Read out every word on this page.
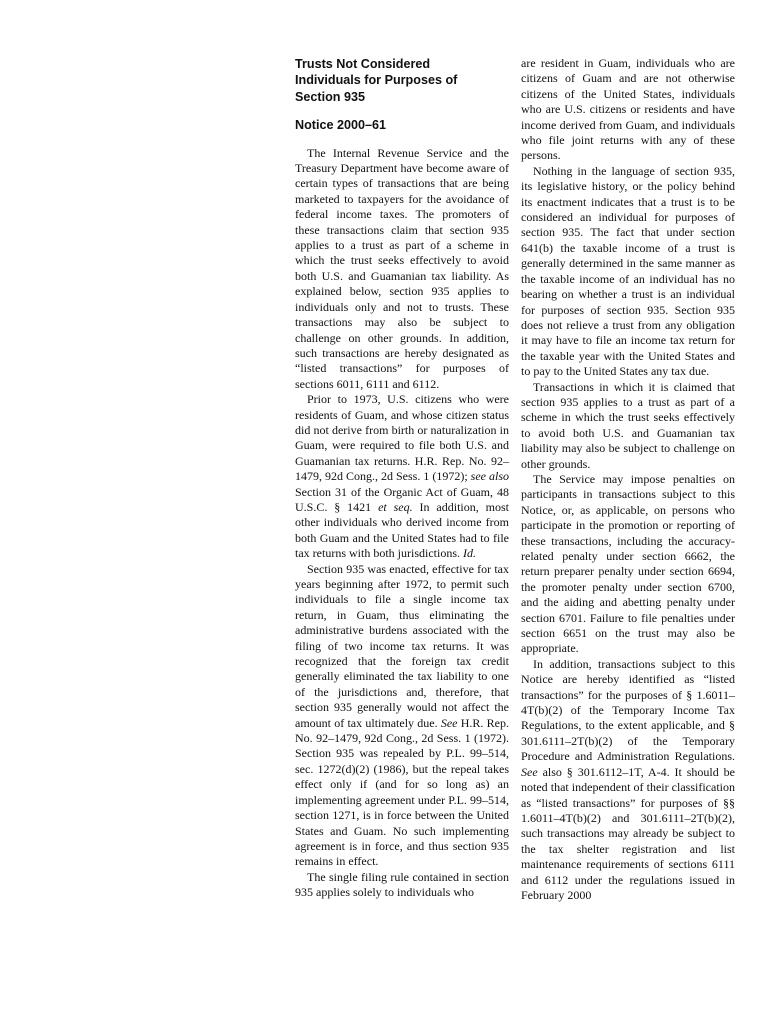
Trusts Not Considered
Individuals for Purposes of
Section 935
Notice 2000–61

The Internal Revenue Service and the Treasury Department have become aware of certain types of transactions that are being marketed to taxpayers for the avoidance of federal income taxes. The promoters of these transactions claim that section 935 applies to a trust as part of a scheme in which the trust seeks effectively to avoid both U.S. and Guamanian tax liability. As explained below, section 935 applies to individuals only and not to trusts. These transactions may also be subject to challenge on other grounds. In addition, such transactions are hereby designated as “listed transactions” for purposes of sections 6011, 6111 and 6112.

Prior to 1973, U.S. citizens who were residents of Guam, and whose citizen status did not derive from birth or naturalization in Guam, were required to file both U.S. and Guamanian tax returns. H.R. Rep. No. 92–1479, 92d Cong., 2d Sess. 1 (1972); see also Section 31 of the Organic Act of Guam, 48 U.S.C. § 1421 et seq. In addition, most other individuals who derived income from both Guam and the United States had to file tax returns with both jurisdictions. Id.

Section 935 was enacted, effective for tax years beginning after 1972, to permit such individuals to file a single income tax return, in Guam, thus eliminating the administrative burdens associated with the filing of two income tax returns. It was recognized that the foreign tax credit generally eliminated the tax liability to one of the jurisdictions and, therefore, that section 935 generally would not affect the amount of tax ultimately due. See H.R. Rep. No. 92–1479, 92d Cong., 2d Sess. 1 (1972). Section 935 was repealed by P.L. 99–514, sec. 1272(d)(2) (1986), but the repeal takes effect only if (and for so long as) an implementing agreement under P.L. 99–514, section 1271, is in force between the United States and Guam. No such implementing agreement is in force, and thus section 935 remains in effect.

The single filing rule contained in section 935 applies solely to individuals who

are resident in Guam, individuals who are citizens of Guam and are not otherwise citizens of the United States, individuals who are U.S. citizens or residents and have income derived from Guam, and individuals who file joint returns with any of these persons.

Nothing in the language of section 935, its legislative history, or the policy behind its enactment indicates that a trust is to be considered an individual for purposes of section 935. The fact that under section 641(b) the taxable income of a trust is generally determined in the same manner as the taxable income of an individual has no bearing on whether a trust is an individual for purposes of section 935. Section 935 does not relieve a trust from any obligation it may have to file an income tax return for the taxable year with the United States and to pay to the United States any tax due.

Transactions in which it is claimed that section 935 applies to a trust as part of a scheme in which the trust seeks effectively to avoid both U.S. and Guamanian tax liability may also be subject to challenge on other grounds.

The Service may impose penalties on participants in transactions subject to this Notice, or, as applicable, on persons who participate in the promotion or reporting of these transactions, including the accuracy-related penalty under section 6662, the return preparer penalty under section 6694, the promoter penalty under section 6700, and the aiding and abetting penalty under section 6701. Failure to file penalties under section 6651 on the trust may also be appropriate.

In addition, transactions subject to this Notice are hereby identified as “listed transactions” for the purposes of § 1.6011–4T(b)(2) of the Temporary Income Tax Regulations, to the extent applicable, and § 301.6111–2T(b)(2) of the Temporary Procedure and Administration Regulations. See also § 301.6112–1T, A-4. It should be noted that independent of their classification as “listed transactions” for purposes of §§ 1.6011–4T(b)(2) and 301.6111–2T(b)(2), such transactions may already be subject to the tax shelter registration and list maintenance requirements of sections 6111 and 6112 under the regulations issued in February 2000
